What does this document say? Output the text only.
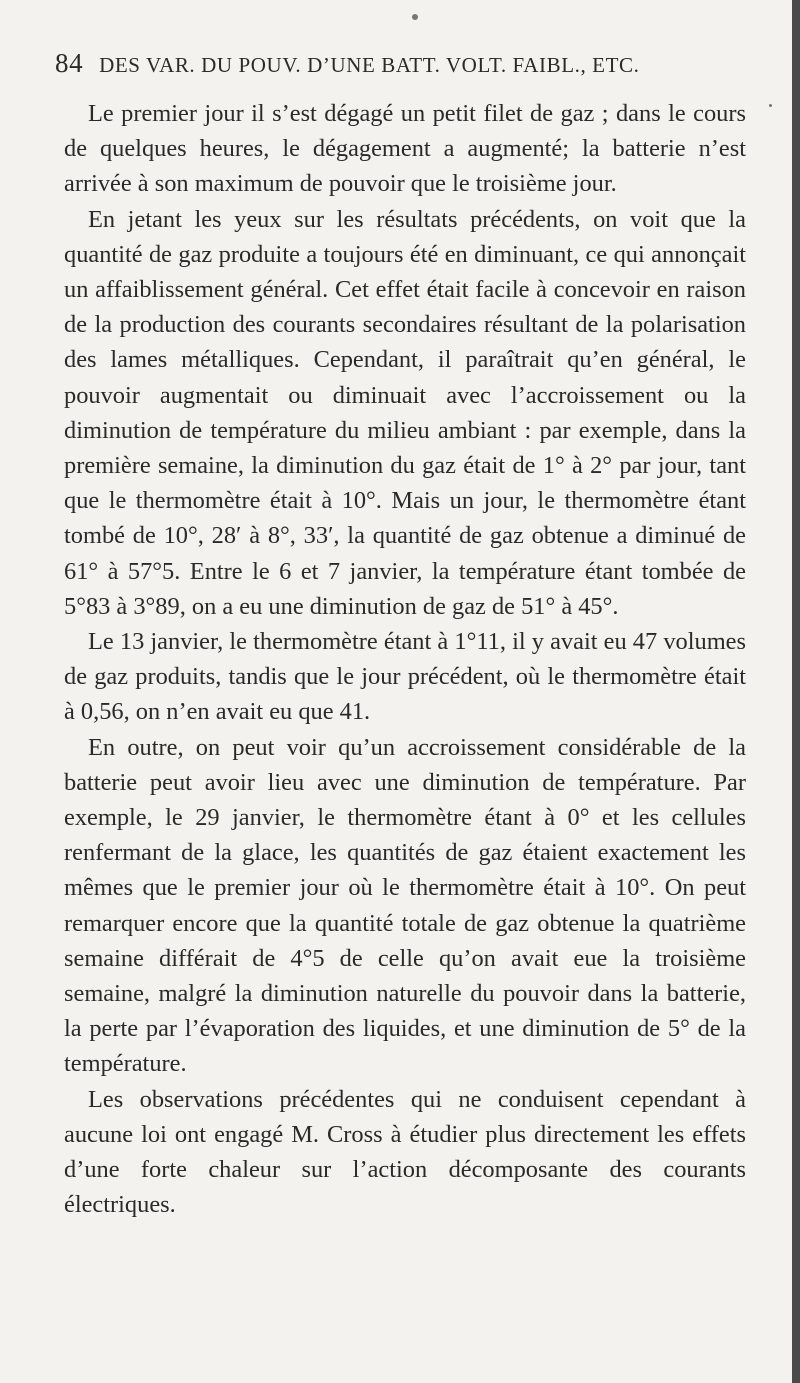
84 DES VAR. DU POUV. D’UNE BATT. VOLT. FAIBL., ETC.

Le premier jour il s’est dégagé un petit filet de gaz ; dans le cours de quelques heures, le dégagement a augmenté; la batterie n’est arrivée à son maximum de pouvoir que le troisième jour.

En jetant les yeux sur les résultats précédents, on voit que la quantité de gaz produite a toujours été en diminuant, ce qui annonçait un affaiblissement général. Cet effet était facile à concevoir en raison de la production des courants secondaires résultant de la polarisation des lames métalliques. Cependant, il paraîtrait qu’en général, le pouvoir augmentait ou diminuait avec l’accroissement ou la diminution de température du milieu ambiant : par exemple, dans la première semaine, la diminution du gaz était de 1° à 2° par jour, tant que le thermomètre était à 10°. Mais un jour, le thermomètre étant tombé de 10°, 28′ à 8°, 33′, la quantité de gaz obtenue a diminué de 61° à 57°5. Entre le 6 et 7 janvier, la température étant tombée de 5°83 à 3°89, on a eu une diminution de gaz de 51° à 45°.

Le 13 janvier, le thermomètre étant à 1°11, il y avait eu 47 volumes de gaz produits, tandis que le jour précédent, où le thermomètre était à 0,56, on n’en avait eu que 41.

En outre, on peut voir qu’un accroissement considérable de la batterie peut avoir lieu avec une diminution de température. Par exemple, le 29 janvier, le thermomètre étant à 0° et les cellules renfermant de la glace, les quantités de gaz étaient exactement les mêmes que le premier jour où le thermomètre était à 10°. On peut remarquer encore que la quantité totale de gaz obtenue la quatrième semaine différait de 4°5 de celle qu’on avait eue la troisième semaine, malgré la diminution naturelle du pouvoir dans la batterie, la perte par l’évaporation des liquides, et une diminution de 5° de la température.

Les observations précédentes qui ne conduisent cependant à aucune loi ont engagé M. Cross à étudier plus directement les effets d’une forte chaleur sur l’action décomposante des courants électriques.
